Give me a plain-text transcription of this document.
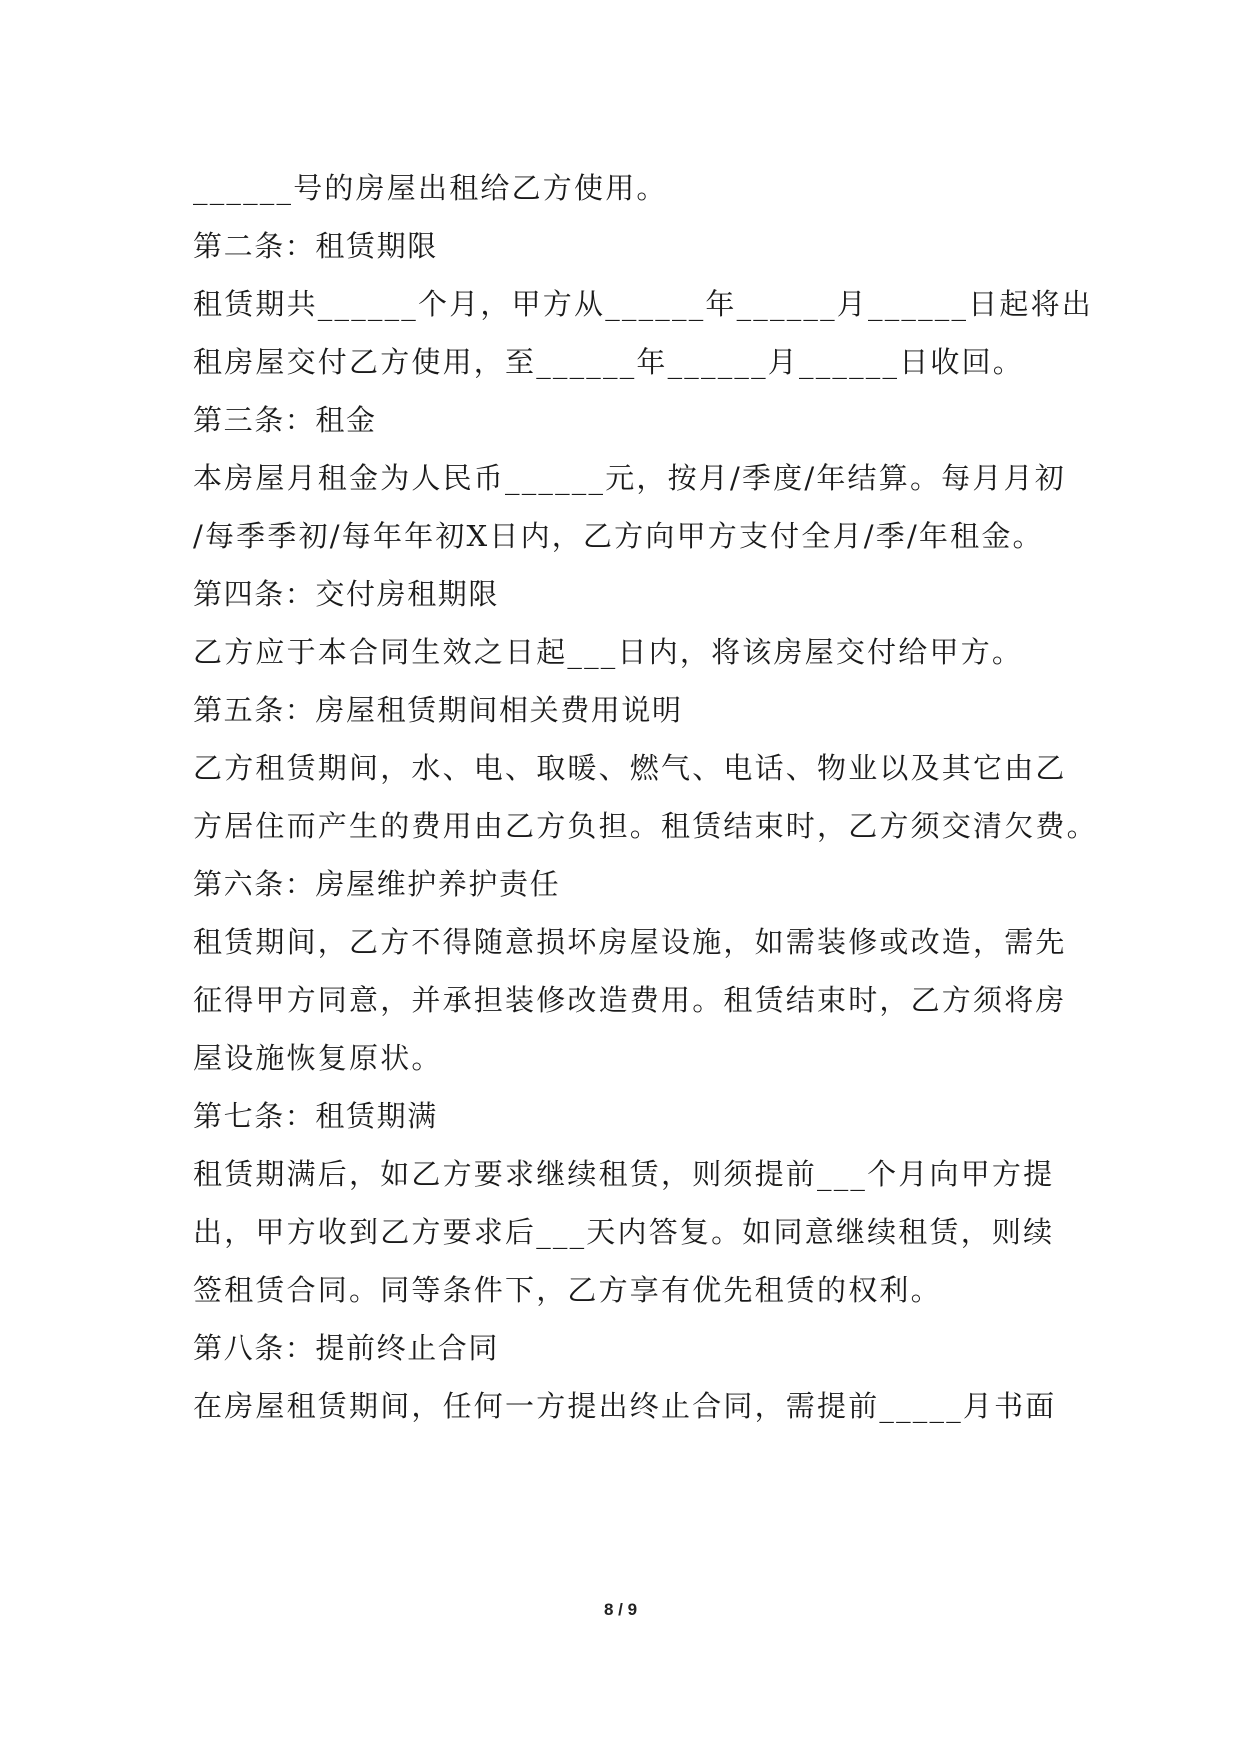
______号的房屋出租给乙方使用。
第二条：租赁期限
租赁期共______个月，甲方从______年______月______日起将出
租房屋交付乙方使用，至______年______月______日收回。
第三条：租金
本房屋月租金为人民币______元，按月/季度/年结算。每月月初
/每季季初/每年年初X日内，乙方向甲方支付全月/季/年租金。
第四条：交付房租期限
乙方应于本合同生效之日起___日内，将该房屋交付给甲方。
第五条：房屋租赁期间相关费用说明
乙方租赁期间，水、电、取暖、燃气、电话、物业以及其它由乙
方居住而产生的费用由乙方负担。租赁结束时，乙方须交清欠费。
第六条：房屋维护养护责任
租赁期间，乙方不得随意损坏房屋设施，如需装修或改造，需先
征得甲方同意，并承担装修改造费用。租赁结束时，乙方须将房
屋设施恢复原状。
第七条：租赁期满
租赁期满后，如乙方要求继续租赁，则须提前___个月向甲方提
出，甲方收到乙方要求后___天内答复。如同意继续租赁，则续
签租赁合同。同等条件下，乙方享有优先租赁的权利。
第八条：提前终止合同
在房屋租赁期间，任何一方提出终止合同，需提前_____月书面
8 / 9
